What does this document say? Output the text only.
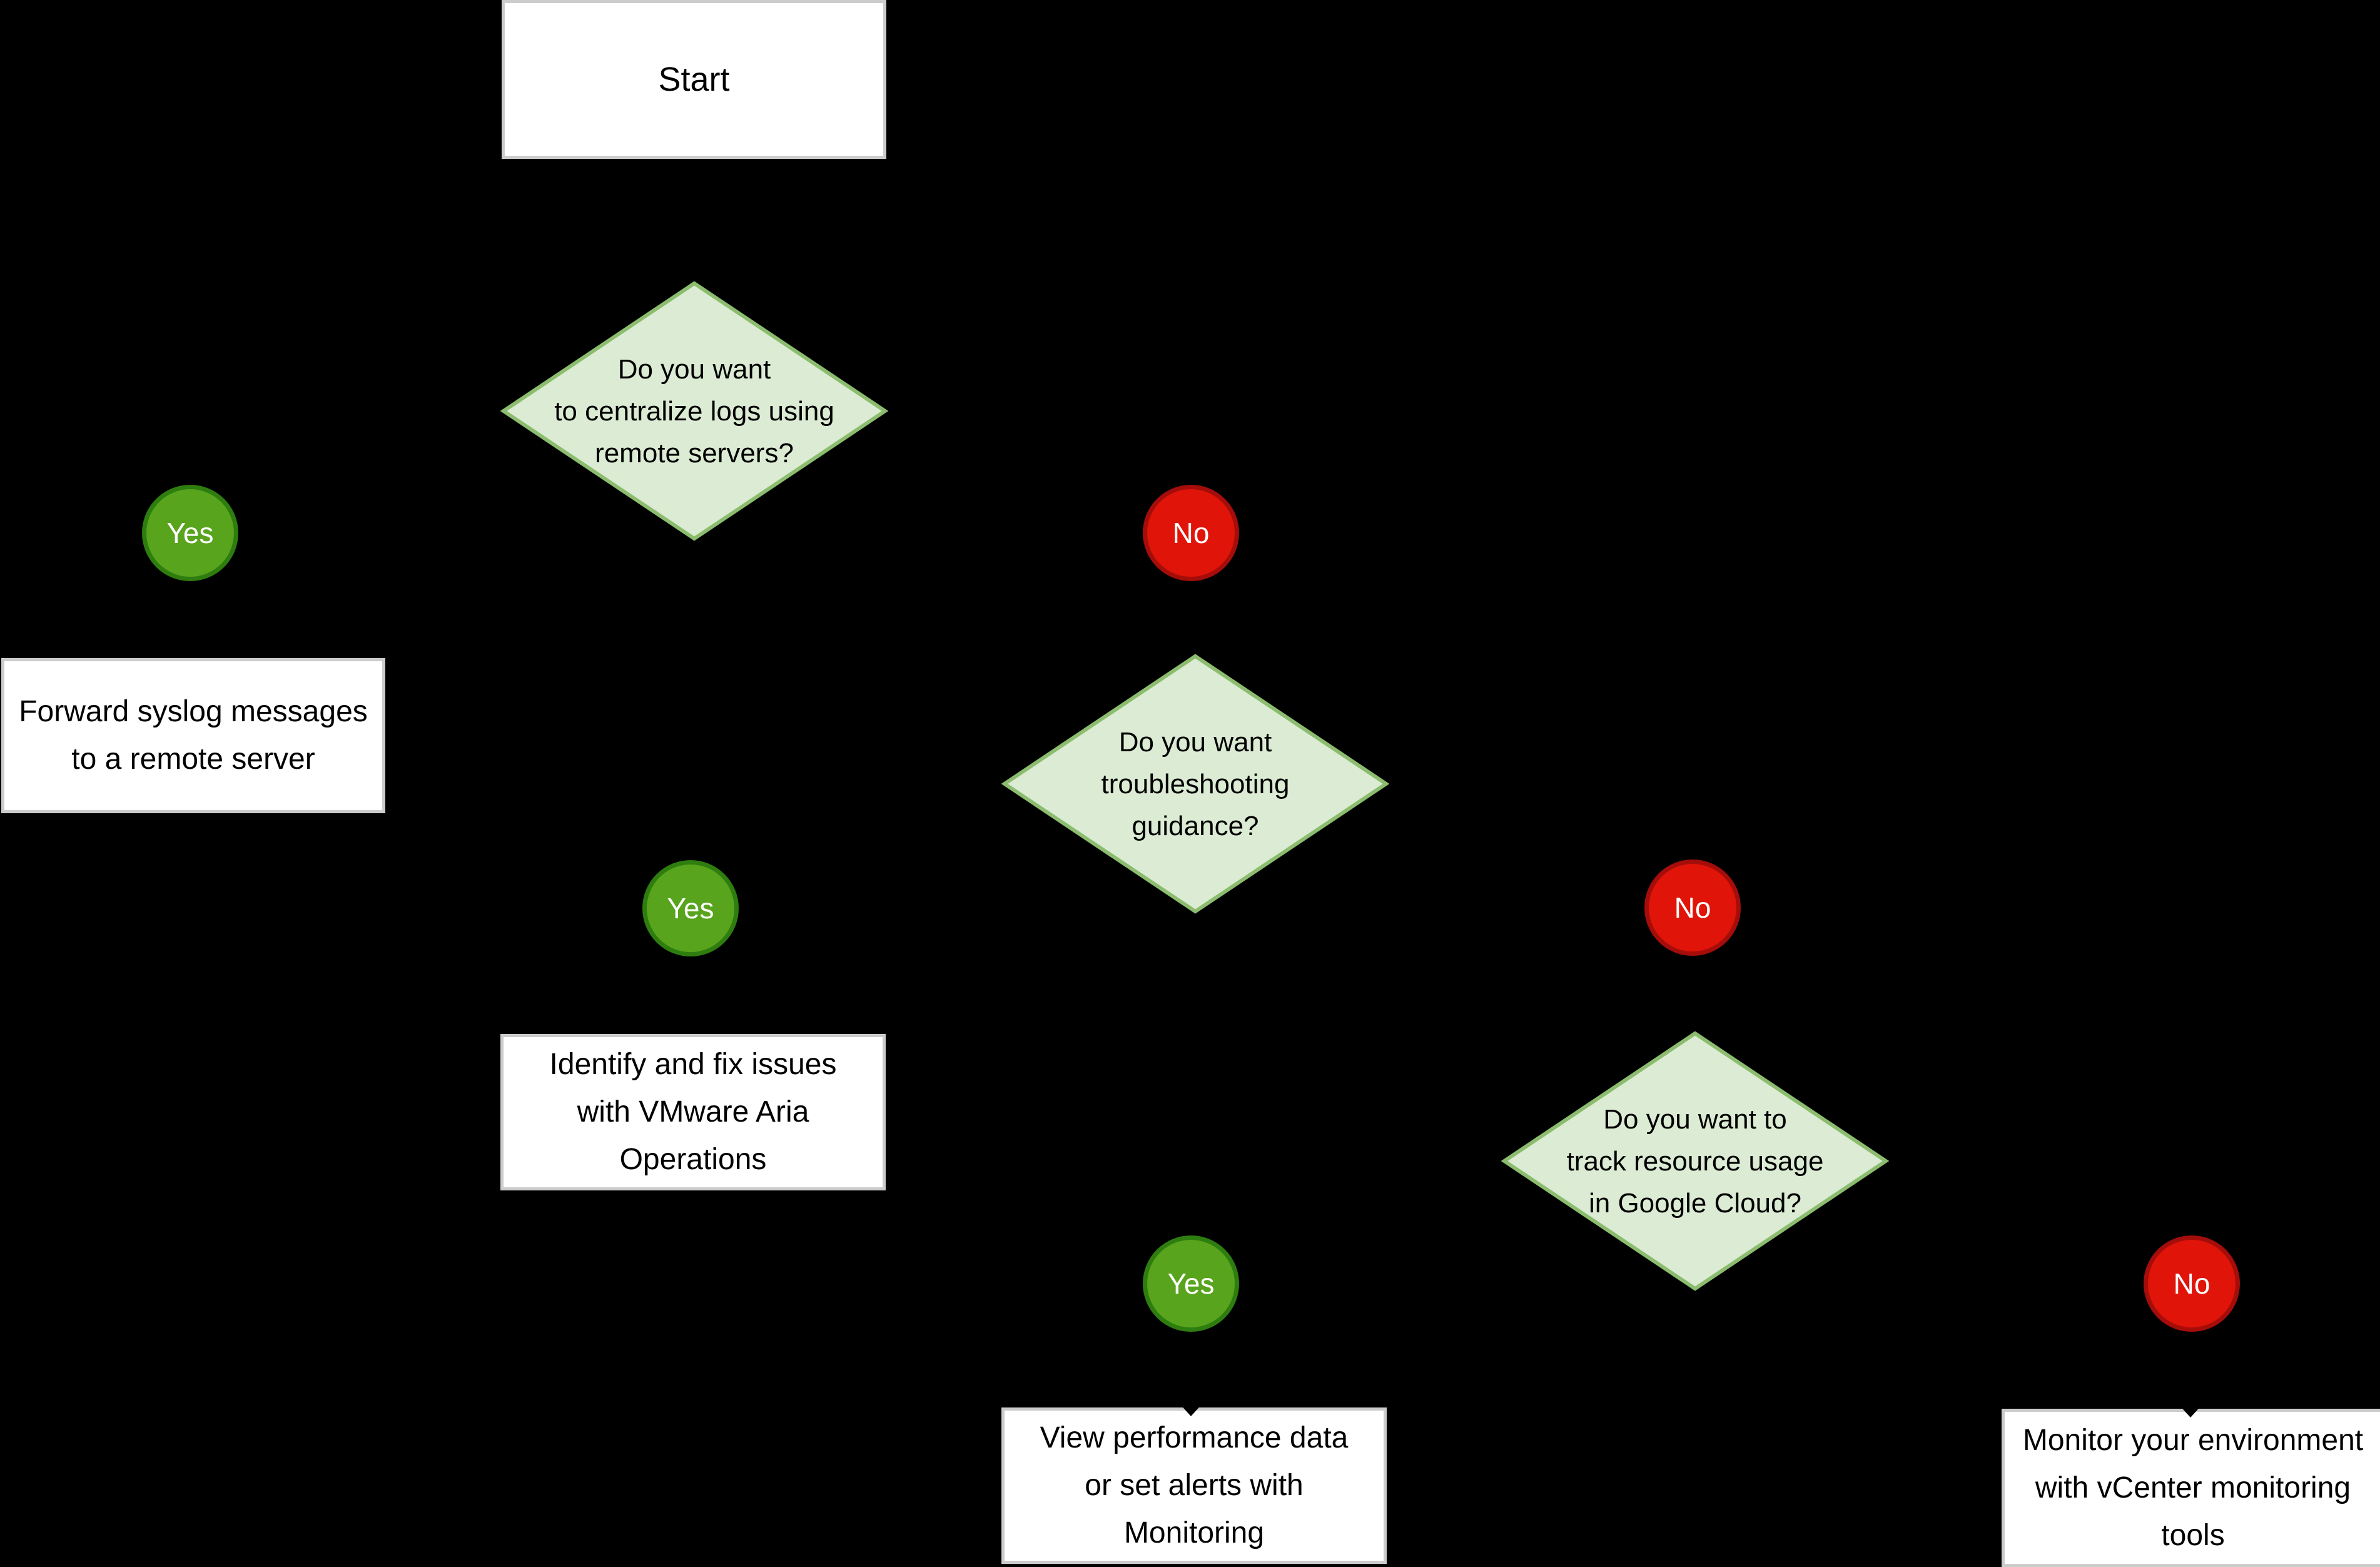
Start
Do you want
to centralize logs using
remote servers?
Do you want
troubleshooting
guidance?
Do you want to
track resource usage
in Google Cloud?
Yes	No
Yes	No
Yes	No
Forward syslog messages
to a remote server
Identify and fix issues
with VMware Aria
Operations
View performance data
or set alerts with
Monitoring
Monitor your environment
with vCenter monitoring
tools
